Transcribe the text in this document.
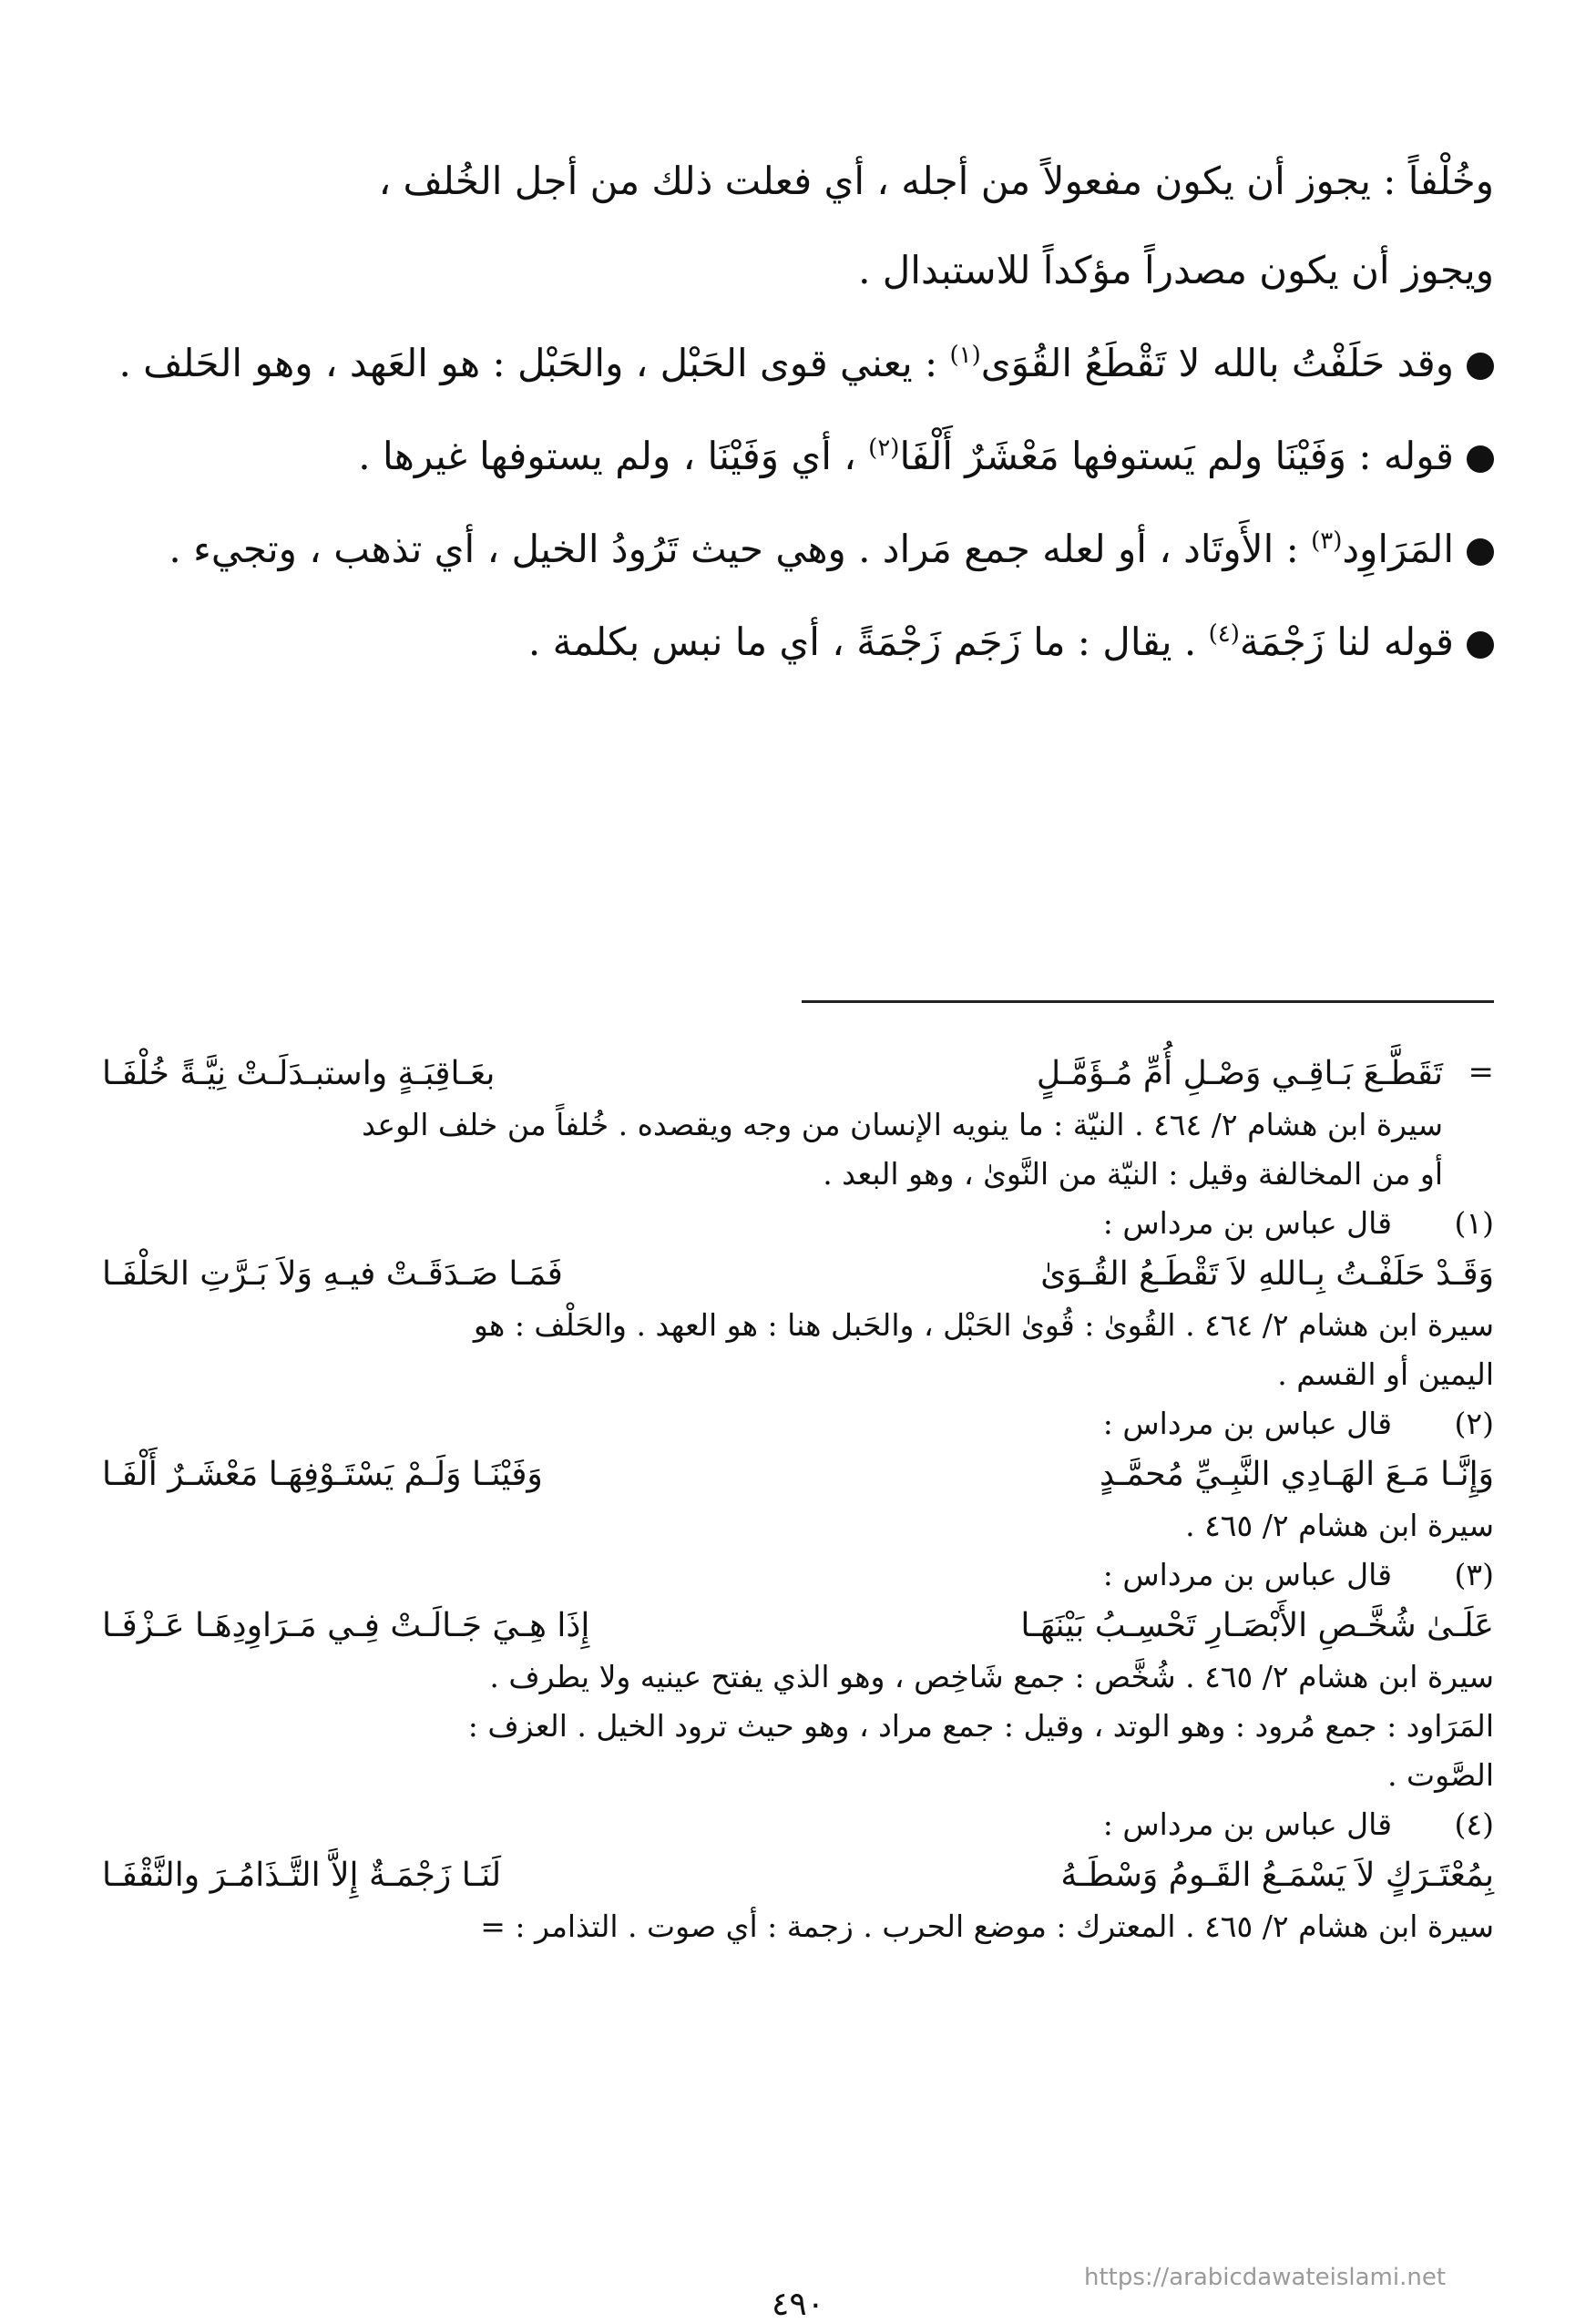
وخُلْفاً : يجوز أن يكون مفعولاً من أجله ، أي فعلت ذلك من أجل الخُلف ،
ويجوز أن يكون مصدراً مؤكداً للاستبدال .

وقد حَلَفْتُ بالله لا تَقْطَعُ القُوَى$^{(١)}$ : يعني قوى الحَبْل ، والحَبْل : هو العَهد ، وهو الحَلف .

قوله : وَفَيْنَا ولم يَستوفها مَعْشَرٌ أَلْفَا$^{(٢)}$ ، أي وَفَيْنَا ، ولم يستوفها غيرها .

المَرَاوِد$^{(٣)}$ : الأَوتَاد ، أو لعله جمع مَراد . وهي حيث تَرُودُ الخيل ، أي تذهب ، وتجيء .

قوله لنا زَجْمَة$^{(٤)}$ . يقال : ما زَجَم زَجْمَةً ، أي ما نبس بكلمة .

=
تَقَطَّـعَ بَـاقِـي وَصْـلِ أُمِّ مُـؤَمَّـلٍ
بعَـاقِبَـةٍ واستبـدَلَـتْ نِيَّـةً خُلْفَـا
سيرة ابن هشام ٢/ ٤٦٤ . النيّة : ما ينويه الإنسان من وجه ويقصده . خُلفاً من خلف الوعد
أو من المخالفة وقيل : النيّة من النَّوىٰ ، وهو البعد .
(١)
قال عباس بن مرداس :
وَقَـدْ حَلَفْـتُ بِـاللهِ لاَ تَقْطَـعُ القُـوَىٰ
فَمَـا صَـدَقَـتْ فيـهِ وَلاَ بَـرَّتِ الحَلْفَـا
سيرة ابن هشام ٢/ ٤٦٤ . القُوىٰ : قُوىٰ الحَبْل ، والحَبل هنا : هو العهد . والحَلْف : هو
اليمين أو القسم .
(٢)
قال عباس بن مرداس :
وَإِنَّـا مَـعَ الهَـادِي النَّبِـيِّ مُحمَّـدٍ
وَفَيْنَـا وَلَـمْ يَسْتَـوْفِهَـا مَعْشَـرٌ أَلْفَـا
سيرة ابن هشام ٢/ ٤٦٥ .
(٣)
قال عباس بن مرداس :
عَلَـىٰ شُخَّـصِ الأَبْصَـارِ تَحْسِـبُ بَيْنَهَـا
إِذَا هِـيَ جَـالَـتْ فِـي مَـرَاوِدِهَـا عَـزْفَـا
سيرة ابن هشام ٢/ ٤٦٥ . شُخَّص : جمع شَاخِص ، وهو الذي يفتح عينيه ولا يطرف .
المَرَاود : جمع مُرود : وهو الوتد ، وقيل : جمع مراد ، وهو حيث ترود الخيل . العزف :
الصَّوت .
(٤)
قال عباس بن مرداس :
بِمُعْتَـرَكٍ لاَ يَسْمَـعُ القَـومُ وَسْطَـهُ
لَنَـا زَجْمَـةٌ إِلاَّ التَّـذَامُـرَ والنَّقْفَـا
سيرة ابن هشام ٢/ ٤٦٥ . المعترك : موضع الحرب . زجمة : أي صوت . التذامر : =
https://arabicdawateislami.net
٤٩٠
